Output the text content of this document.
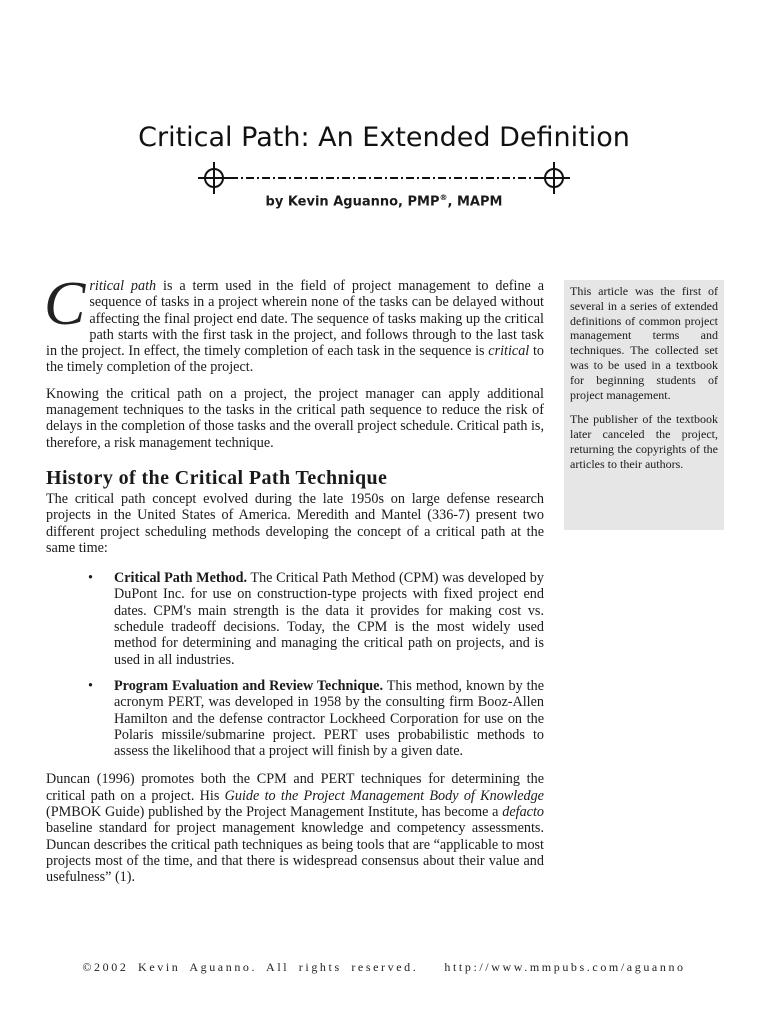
Critical Path: An Extended Definition
by Kevin Aguanno, PMP®, MAPM

Critical path is a term used in the field of project management to define a sequence of tasks in a project wherein none of the tasks can be delayed without affecting the final project end date. The sequence of tasks making up the critical path starts with the first task in the project, and follows through to the last task in the project. In effect, the timely completion of each task in the sequence is critical to the timely completion of the project.

Knowing the critical path on a project, the project manager can apply additional management techniques to the tasks in the critical path sequence to reduce the risk of delays in the completion of those tasks and the overall project schedule. Critical path is, therefore, a risk management technique.

History of the Critical Path Technique

The critical path concept evolved during the late 1950s on large defense research projects in the United States of America. Meredith and Mantel (336-7) present two different project scheduling methods developing the concept of a critical path at the same time:

• Critical Path Method. The Critical Path Method (CPM) was developed by DuPont Inc. for use on construction-type projects with fixed project end dates. CPM's main strength is the data it provides for making cost vs. schedule tradeoff decisions. Today, the CPM is the most widely used method for determining and managing the critical path on projects, and is used in all industries.
• Program Evaluation and Review Technique. This method, known by the acronym PERT, was developed in 1958 by the consulting firm Booz-Allen Hamilton and the defense contractor Lockheed Corporation for use on the Polaris missile/submarine project. PERT uses probabilistic methods to assess the likelihood that a project will finish by a given date.

Duncan (1996) promotes both the CPM and PERT techniques for determining the critical path on a project. His Guide to the Project Management Body of Knowledge (PMBOK Guide) published by the Project Management Institute, has become a defacto baseline standard for project management knowledge and competency assessments. Duncan describes the critical path techniques as being tools that are “applicable to most projects most of the time, and that there is widespread consensus about their value and usefulness” (1).

This article was the first of several in a series of extended definitions of common project management terms and techniques. The collected set was to be used in a textbook for beginning students of project management.

The publisher of the textbook later canceled the project, returning the copyrights of the articles to their authors.

©2002 Kevin Aguanno. All rights reserved. http://www.mmpubs.com/aguanno
